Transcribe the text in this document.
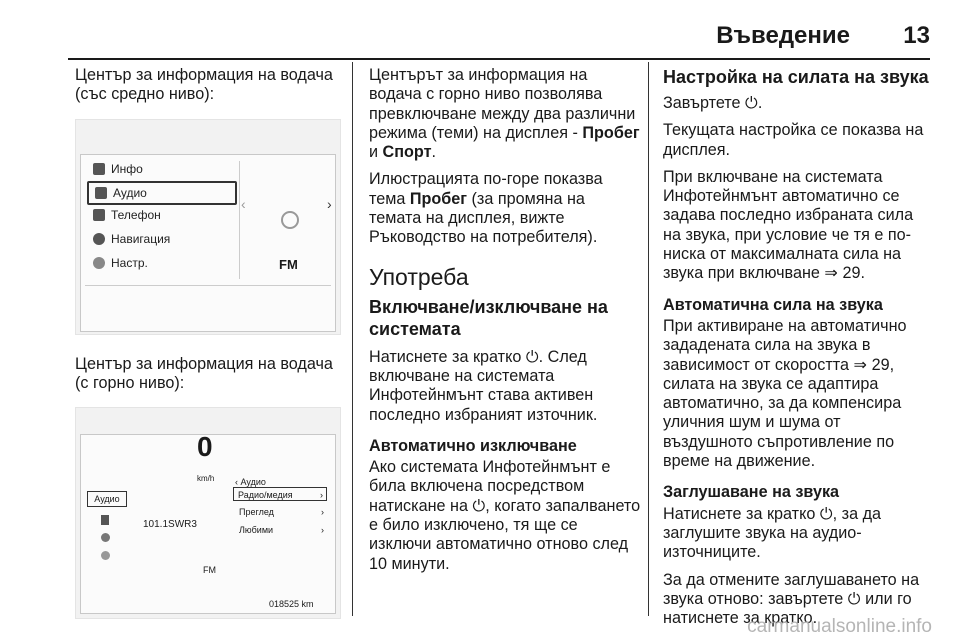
Въведение 13

Център за информация на водача (със средно ниво):

Инфо
Аудио
Телефон
Навигация
Настр.
‹	›
FM

Център за информация на водача (с горно ниво):

0
km/h
Аудио
101.1SWR3
FM
‹ Аудио
Радио/медия	›
Преглед	›
Любими	›
018525 km

Центърът за информация на водача с горно ниво позволява превключване между два различни режима (теми) на дисплея - Пробег и Спорт.

Илюстрацията по-горе показва тема Пробег (за промяна на темата на дисплея, вижте Ръководство на потребителя).

Употреба
Включване/изключване на системата

Натиснете за кратко ⏻. След включване на системата Инфотейнмънт става активен последно избраният източник.

Автоматично изключване

Ако системата Инфотейнмънт е била включена посредством натискане на ⏻, когато запалването е било изключено, тя ще се изключи автоматично отново след 10 минути.

Настройка на силата на звука

Завъртете ⏻.

Текущата настройка се показва на дисплея.

При включване на системата Инфотейнмънт автоматично се задава последно избраната сила на звука, при условие че тя е по-ниска от максималната сила на звука при включване ⇒ 29.

Автоматична сила на звука

При активиране на автоматично зададената сила на звука в зависимост от скоростта ⇒ 29, силата на звука се адаптира автоматично, за да компенсира уличния шум и шума от въздушното съпротивление по време на движение.

Заглушаване на звука

Натиснете за кратко ⏻, за да заглушите звука на аудио-източниците.

За да отмените заглушаването на звука отново: завъртете ⏻ или го натиснете за кратко.

carmanualsonline.info
